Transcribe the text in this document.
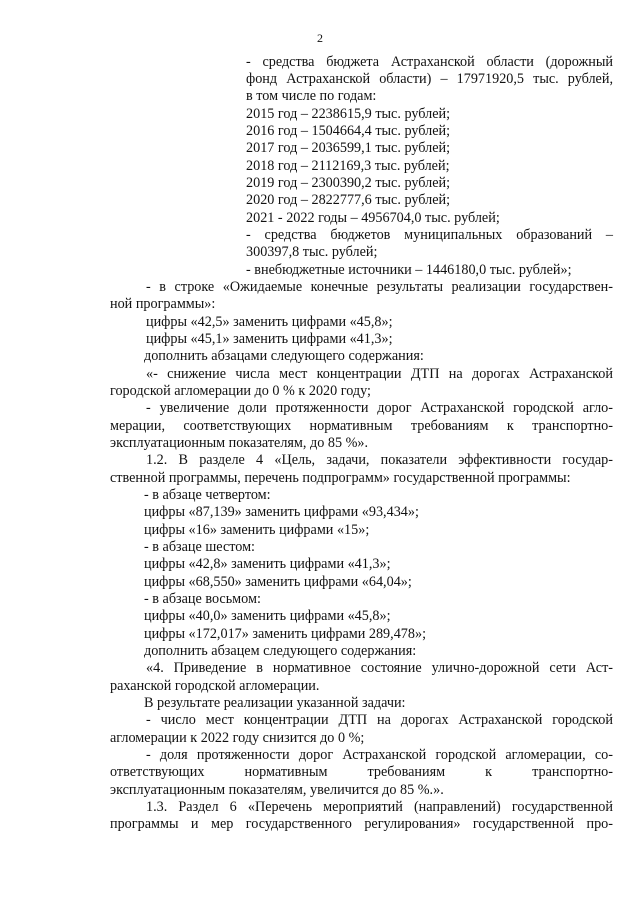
2
- средства бюджета Астраханской области (дорожный
фонд Астраханской области) – 17971920,5 тыс. рублей,
в том числе по годам:
2015 год – 2238615,9 тыс. рублей;
2016 год – 1504664,4 тыс. рублей;
2017 год – 2036599,1 тыс. рублей;
2018 год – 2112169,3 тыс. рублей;
2019 год – 2300390,2 тыс. рублей;
2020 год – 2822777,6 тыс. рублей;
2021 - 2022 годы – 4956704,0 тыс. рублей;
- средства бюджетов муниципальных образований –
300397,8 тыс. рублей;
- внебюджетные источники – 1446180,0 тыс. рублей»;
- в строке «Ожидаемые конечные результаты реализации государствен-
ной программы»:
цифры «42,5» заменить цифрами «45,8»;
цифры «45,1» заменить цифрами «41,3»;
дополнить абзацами следующего содержания:
«- снижение числа мест концентрации ДТП на дорогах Астраханской
городской агломерации до 0 % к 2020 году;
- увеличение доли протяженности дорог Астраханской городской агло-
мерации, соответствующих нормативным требованиям к транспортно-
эксплуатационным показателям, до 85 %».
1.2. В разделе 4 «Цель, задачи, показатели эффективности государ-
ственной программы, перечень подпрограмм» государственной программы:
- в абзаце четвертом:
цифры «87,139» заменить цифрами «93,434»;
цифры «16» заменить цифрами «15»;
- в абзаце шестом:
цифры «42,8» заменить цифрами «41,3»;
цифры «68,550» заменить цифрами «64,04»;
- в абзаце восьмом:
цифры «40,0» заменить цифрами «45,8»;
цифры «172,017» заменить цифрами 289,478»;
дополнить абзацем следующего содержания:
«4. Приведение в нормативное состояние улично-дорожной сети Аст-
раханской городской агломерации.
В результате реализации указанной задачи:
- число мест концентрации ДТП на дорогах Астраханской городской
агломерации к 2022 году снизится до 0 %;
- доля протяженности дорог Астраханской городской агломерации, со-
ответствующих нормативным требованиям к транспортно-
эксплуатационным показателям, увеличится до 85 %.».
1.3. Раздел 6 «Перечень мероприятий (направлений) государственной
программы и мер государственного регулирования» государственной про-
